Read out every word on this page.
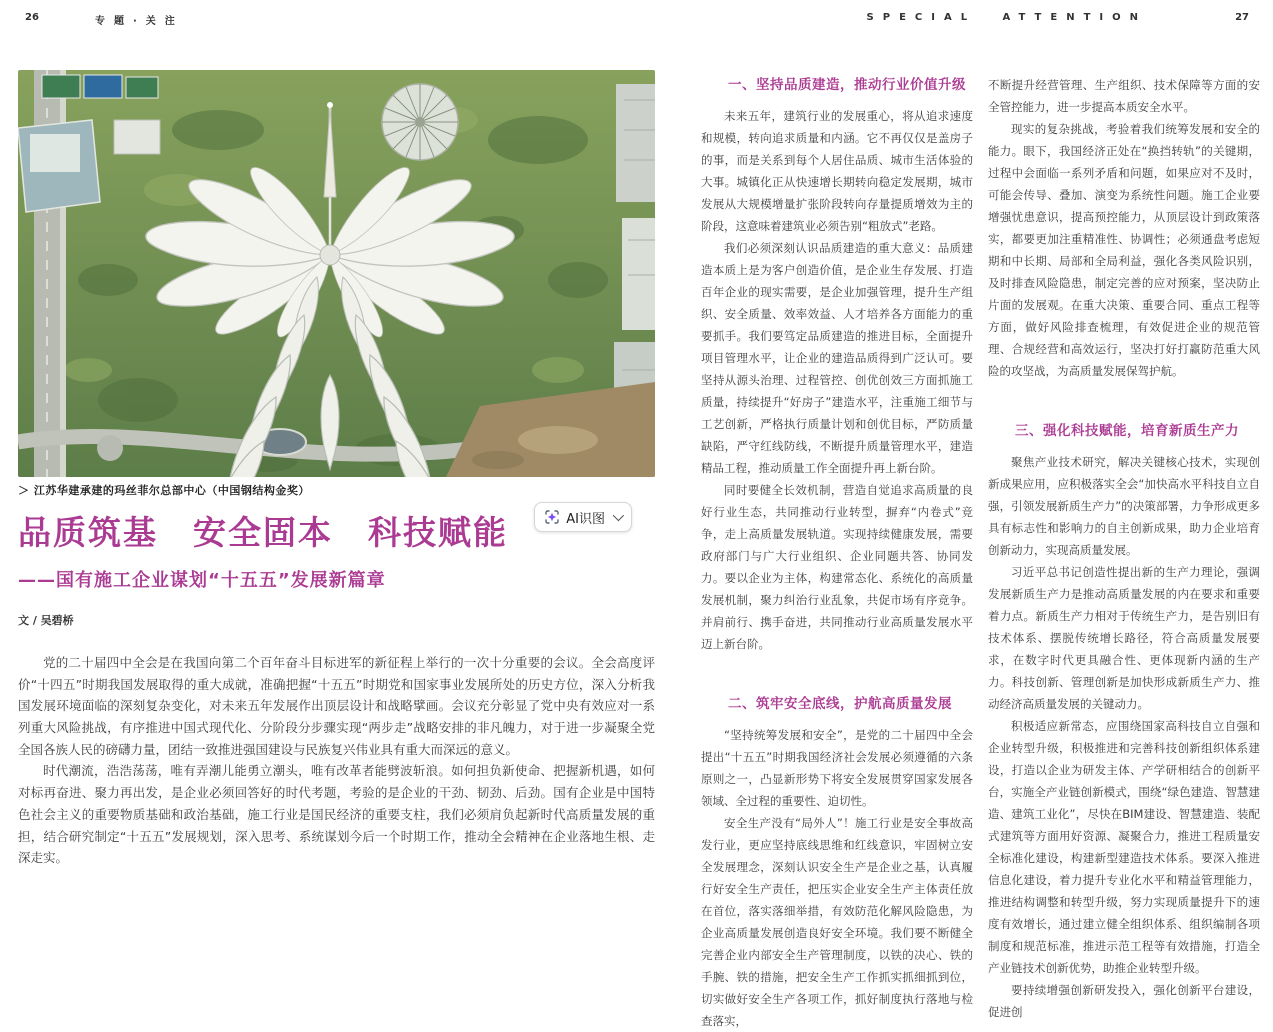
26	专题·关注	SPECIAL ATTENTION	27
＞ 江苏华建承建的玛丝菲尔总部中心（中国钢结构金奖）
AI识图
品质筑基　安全固本　科技赋能
——国有施工企业谋划“十五五”发展新篇章
文 / 吴碧桥

党的二十届四中全会是在我国向第二个百年奋斗目标进军的新征程上举行的一次十分重要的会议。全会高度评价“十四五”时期我国发展取得的重大成就，准确把握“十五五”时期党和国家事业发展所处的历史方位，深入分析我国发展环境面临的深刻复杂变化，对未来五年发展作出顶层设计和战略擘画。会议充分彰显了党中央有效应对一系列重大风险挑战，有序推进中国式现代化、分阶段分步骤实现“两步走”战略安排的非凡魄力，对于进一步凝聚全党全国各族人民的磅礴力量，团结一致推进强国建设与民族复兴伟业具有重大而深远的意义。

时代潮流，浩浩荡荡，唯有弄潮儿能勇立潮头，唯有改革者能劈波斩浪。如何担负新使命、把握新机遇，如何对标再奋进、聚力再出发，是企业必须回答好的时代考题，考验的是企业的干劲、韧劲、后劲。国有企业是中国特色社会主义的重要物质基础和政治基础，施工行业是国民经济的重要支柱，我们必须肩负起新时代高质量发展的重担，结合研究制定“十五五”发展规划，深入思考、系统谋划今后一个时期工作，推动全会精神在企业落地生根、走深走实。

一、坚持品质建造，推动行业价值升级

未来五年，建筑行业的发展重心，将从追求速度和规模，转向追求质量和内涵。它不再仅仅是盖房子的事，而是关系到每个人居住品质、城市生活体验的大事。城镇化正从快速增长期转向稳定发展期，城市发展从大规模增量扩张阶段转向存量提质增效为主的阶段，这意味着建筑业必须告别“粗放式”老路。

我们必须深刻认识品质建造的重大意义：品质建造本质上是为客户创造价值，是企业生存发展、打造百年企业的现实需要，是企业加强管理，提升生产组织、安全质量、效率效益、人才培养各方面能力的重要抓手。我们要笃定品质建造的推进目标，全面提升项目管理水平，让企业的建造品质得到广泛认可。要坚持从源头治理、过程管控、创优创效三方面抓施工质量，持续提升“好房子”建造水平，注重施工细节与工艺创新，严格执行质量计划和创优目标，严防质量缺陷，严守红线防线，不断提升质量管理水平，建造精品工程，推动质量工作全面提升再上新台阶。

同时要健全长效机制，营造自觉追求高质量的良好行业生态，共同推动行业转型，摒弃“内卷式”竞争，走上高质量发展轨道。实现持续健康发展，需要政府部门与广大行业组织、企业同题共答、协同发力。要以企业为主体，构建常态化、系统化的高质量发展机制，聚力纠治行业乱象，共促市场有序竞争。并肩前行、携手奋进，共同推动行业高质量发展水平迈上新台阶。

二、筑牢安全底线，护航高质量发展

“坚持统筹发展和安全”，是党的二十届四中全会提出“十五五”时期我国经济社会发展必须遵循的六条原则之一，凸显新形势下将安全发展贯穿国家发展各领域、全过程的重要性、迫切性。

安全生产没有“局外人”！施工行业是安全事故高发行业，更应坚持底线思维和红线意识，牢固树立安全发展理念，深刻认识安全生产是企业之基，认真履行好安全生产责任，把压实企业安全生产主体责任放在首位，落实落细举措，有效防范化解风险隐患，为企业高质量发展创造良好安全环境。我们要不断健全完善企业内部安全生产管理制度，以铁的决心、铁的手腕、铁的措施，把安全生产工作抓实抓细抓到位，切实做好安全生产各项工作，抓好制度执行落地与检查落实，

不断提升经营管理、生产组织、技术保障等方面的安全管控能力，进一步提高本质安全水平。

现实的复杂挑战，考验着我们统筹发展和安全的能力。眼下，我国经济正处在“换挡转轨”的关键期，过程中会面临一系列矛盾和问题，如果应对不及时，可能会传导、叠加、演变为系统性问题。施工企业要增强忧患意识，提高预控能力，从顶层设计到政策落实，都要更加注重精准性、协调性；必须通盘考虑短期和中长期、局部和全局利益，强化各类风险识别，及时排查风险隐患，制定完善的应对预案，坚决防止片面的发展观。在重大决策、重要合同、重点工程等方面，做好风险排查梳理，有效促进企业的规范管理、合规经营和高效运行，坚决打好打赢防范重大风险的攻坚战，为高质量发展保驾护航。

三、强化科技赋能，培育新质生产力

聚焦产业技术研究，解决关键核心技术，实现创新成果应用，应积极落实全会“加快高水平科技自立自强，引领发展新质生产力”的决策部署，力争形成更多具有标志性和影响力的自主创新成果，助力企业培育创新动力，实现高质量发展。

习近平总书记创造性提出新的生产力理论，强调发展新质生产力是推动高质量发展的内在要求和重要着力点。新质生产力相对于传统生产力，是告别旧有技术体系、摆脱传统增长路径，符合高质量发展要求，在数字时代更具融合性、更体现新内涵的生产力。科技创新、管理创新是加快形成新质生产力、推动经济高质量发展的关键动力。

积极适应新常态，应围绕国家高科技自立自强和企业转型升级，积极推进和完善科技创新组织体系建设，打造以企业为研发主体、产学研相结合的创新平台，实施全产业链创新模式，围绕“绿色建造、智慧建造、建筑工业化”，尽快在BIM建设、智慧建造、装配式建筑等方面用好资源、凝聚合力，推进工程质量安全标准化建设，构建新型建造技术体系。要深入推进信息化建设，着力提升专业化水平和精益管理能力，推进结构调整和转型升级，努力实现质量提升下的速度有效增长，通过建立健全组织体系、组织编制各项制度和规范标准，推进示范工程等有效措施，打造全产业链技术创新优势，助推企业转型升级。

要持续增强创新研发投入，强化创新平台建设，促进创
